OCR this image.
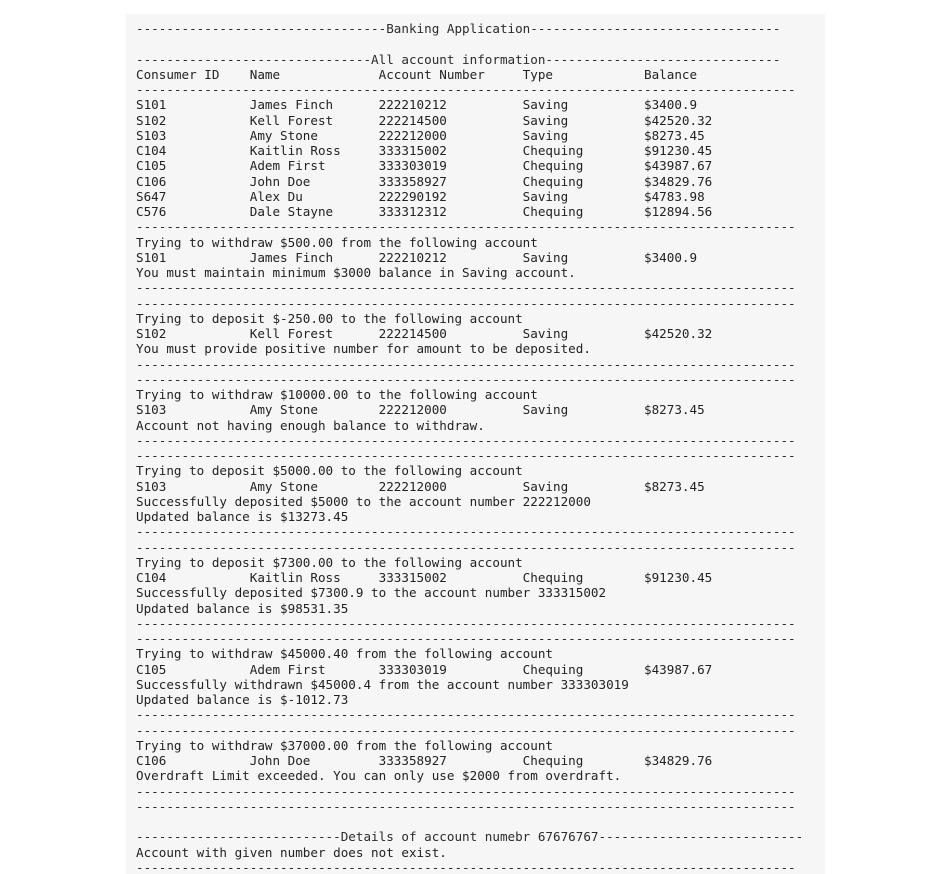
---------------------------------Banking Application---------------------------------
-------------------------------All account information-------------------------------
Consumer ID    Name             Account Number     Type            Balance
---------------------------------------------------------------------------------------
S101           James Finch      222210212          Saving          $3400.9
S102           Kell Forest      222214500          Saving          $42520.32
S103           Amy Stone        222212000          Saving          $8273.45
C104           Kaitlin Ross     333315002          Chequing        $91230.45
C105           Adem First       333303019          Chequing        $43987.67
C106           John Doe         333358927          Chequing        $34829.76
S647           Alex Du          222290192          Saving          $4783.98
C576           Dale Stayne      333312312          Chequing        $12894.56
---------------------------------------------------------------------------------------
Trying to withdraw $500.00 from the following account
S101           James Finch      222210212          Saving          $3400.9
You must maintain minimum $3000 balance in Saving account.
---------------------------------------------------------------------------------------
---------------------------------------------------------------------------------------
Trying to deposit $-250.00 to the following account
S102           Kell Forest      222214500          Saving          $42520.32
You must provide positive number for amount to be deposited.
---------------------------------------------------------------------------------------
---------------------------------------------------------------------------------------
Trying to withdraw $10000.00 to the following account
S103           Amy Stone        222212000          Saving          $8273.45
Account not having enough balance to withdraw.
---------------------------------------------------------------------------------------
---------------------------------------------------------------------------------------
Trying to deposit $5000.00 to the following account
S103           Amy Stone        222212000          Saving          $8273.45
Successfully deposited $5000 to the account number 222212000
Updated balance is $13273.45
---------------------------------------------------------------------------------------
---------------------------------------------------------------------------------------
Trying to deposit $7300.00 to the following account
C104           Kaitlin Ross     333315002          Chequing        $91230.45
Successfully deposited $7300.9 to the account number 333315002
Updated balance is $98531.35
---------------------------------------------------------------------------------------
---------------------------------------------------------------------------------------
Trying to withdraw $45000.40 from the following account
C105           Adem First       333303019          Chequing        $43987.67
Successfully withdrawn $45000.4 from the account number 333303019
Updated balance is $-1012.73
---------------------------------------------------------------------------------------
---------------------------------------------------------------------------------------
Trying to withdraw $37000.00 from the following account
C106           John Doe         333358927          Chequing        $34829.76
Overdraft Limit exceeded. You can only use $2000 from overdraft.
---------------------------------------------------------------------------------------
---------------------------------------------------------------------------------------
---------------------------Details of account numebr 67676767---------------------------
Account with given number does not exist.
---------------------------------------------------------------------------------------
